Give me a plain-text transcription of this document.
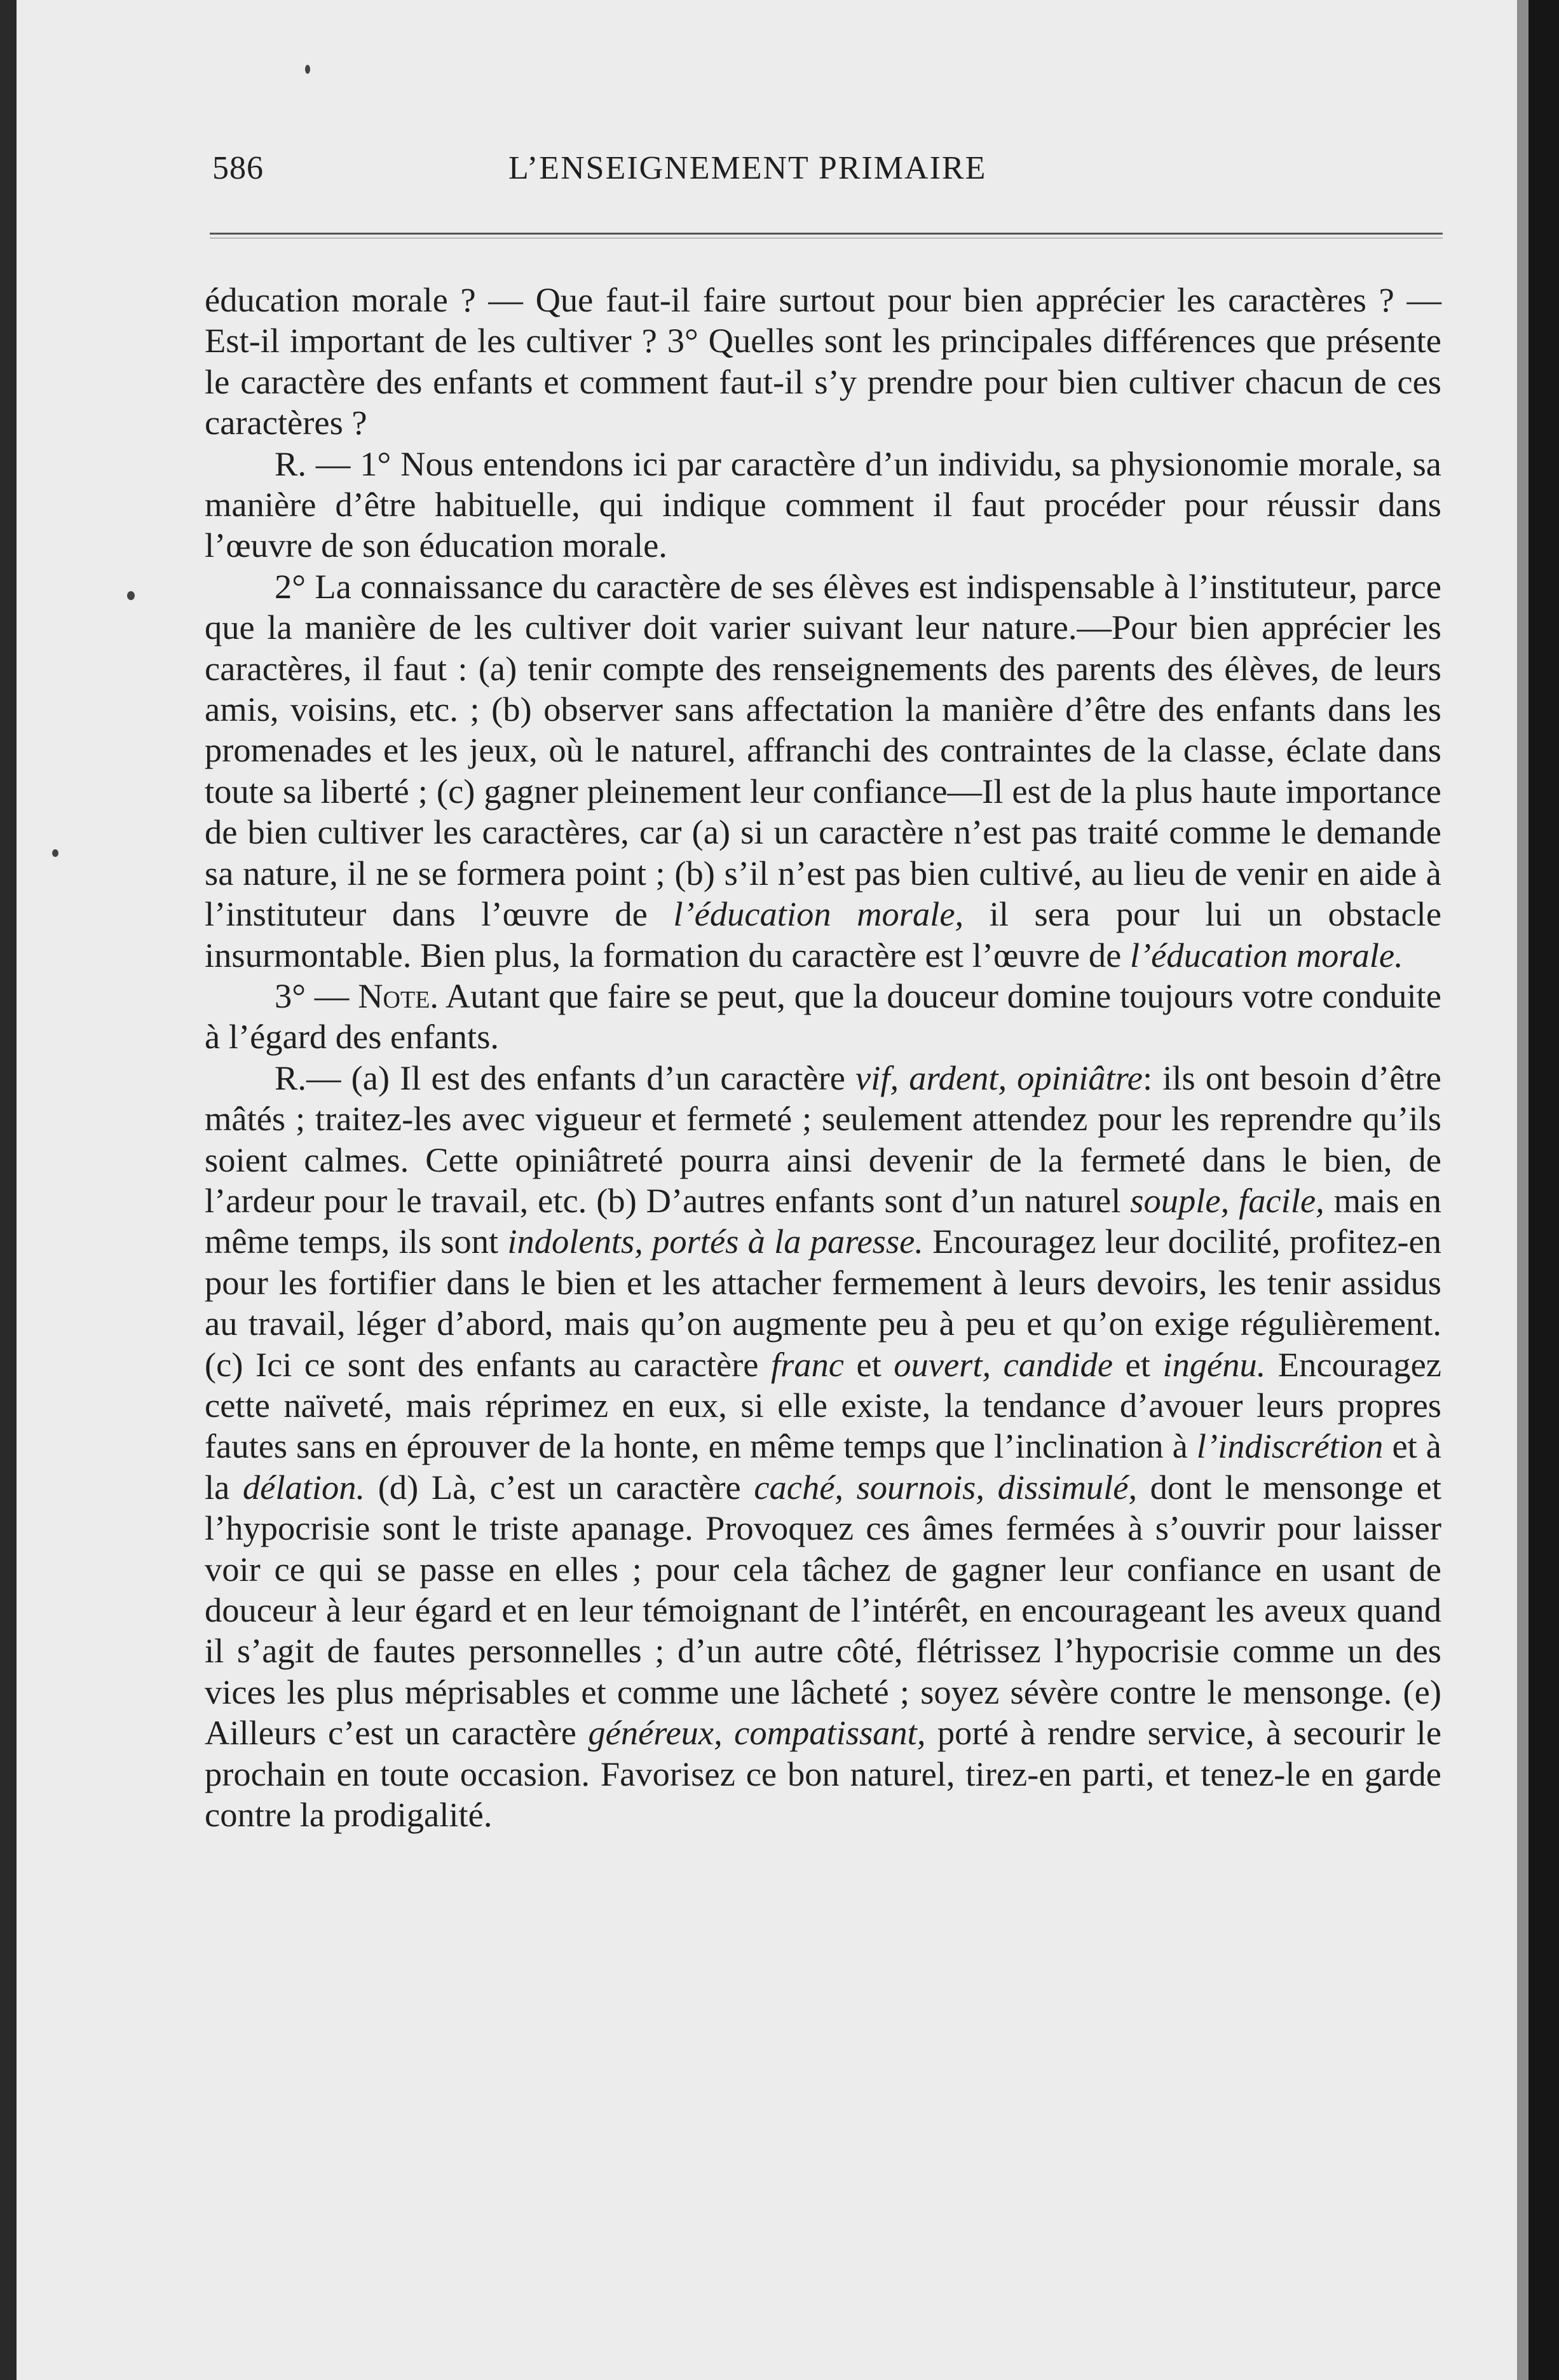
586	L’ENSEIGNEMENT PRIMAIRE

éducation morale ? — Que faut-il faire surtout pour bien apprécier les caractères ? — Est-il important de les cultiver ? 3° Quelles sont les principales différences que présente le caractère des enfants et comment faut-il s’y prendre pour bien cultiver chacun de ces caractères ?

R. — 1° Nous entendons ici par caractère d’un individu, sa physionomie morale, sa manière d’être habituelle, qui indique comment il faut procéder pour réussir dans l’œuvre de son éducation morale.

2° La connaissance du caractère de ses élèves est indispensable à l’instituteur, parce que la manière de les cultiver doit varier suivant leur nature.—Pour bien apprécier les caractères, il faut : (a) tenir compte des renseignements des parents des élèves, de leurs amis, voisins, etc. ; (b) observer sans affectation la manière d’être des enfants dans les promenades et les jeux, où le naturel, affranchi des contraintes de la classe, éclate dans toute sa liberté ; (c) gagner pleinement leur confiance—Il est de la plus haute importance de bien cultiver les caractères, car (a) si un caractère n’est pas traité comme le demande sa nature, il ne se formera point ; (b) s’il n’est pas bien cultivé, au lieu de venir en aide à l’instituteur dans l’œuvre de l’éducation morale, il sera pour lui un obstacle insurmontable. Bien plus, la formation du caractère est l’œuvre de l’éducation morale.

3° — Note. Autant que faire se peut, que la douceur domine toujours votre conduite à l’égard des enfants.

R.— (a) Il est des enfants d’un caractère vif, ardent, opiniâtre: ils ont besoin d’être mâtés ; traitez-les avec vigueur et fermeté ; seulement attendez pour les reprendre qu’ils soient calmes. Cette opiniâtreté pourra ainsi devenir de la fermeté dans le bien, de l’ardeur pour le travail, etc. (b) D’autres enfants sont d’un naturel souple, facile, mais en même temps, ils sont indolents, portés à la paresse. Encouragez leur docilité, profitez-en pour les fortifier dans le bien et les attacher fermement à leurs devoirs, les tenir assidus au travail, léger d’abord, mais qu’on augmente peu à peu et qu’on exige régulièrement. (c) Ici ce sont des enfants au caractère franc et ouvert, candide et ingénu. Encouragez cette naïveté, mais réprimez en eux, si elle existe, la tendance d’avouer leurs propres fautes sans en éprouver de la honte, en même temps que l’inclination à l’indiscrétion et à la délation. (d) Là, c’est un caractère caché, sournois, dissimulé, dont le mensonge et l’hypocrisie sont le triste apanage. Provoquez ces âmes fermées à s’ouvrir pour laisser voir ce qui se passe en elles ; pour cela tâchez de gagner leur confiance en usant de douceur à leur égard et en leur témoignant de l’intérêt, en encourageant les aveux quand il s’agit de fautes personnelles ; d’un autre côté, flétrissez l’hypocrisie comme un des vices les plus méprisables et comme une lâcheté ; soyez sévère contre le mensonge. (e) Ailleurs c’est un caractère généreux, compatissant, porté à rendre service, à secourir le prochain en toute occasion. Favorisez ce bon naturel, tirez-en parti, et tenez-le en garde contre la prodigalité.
